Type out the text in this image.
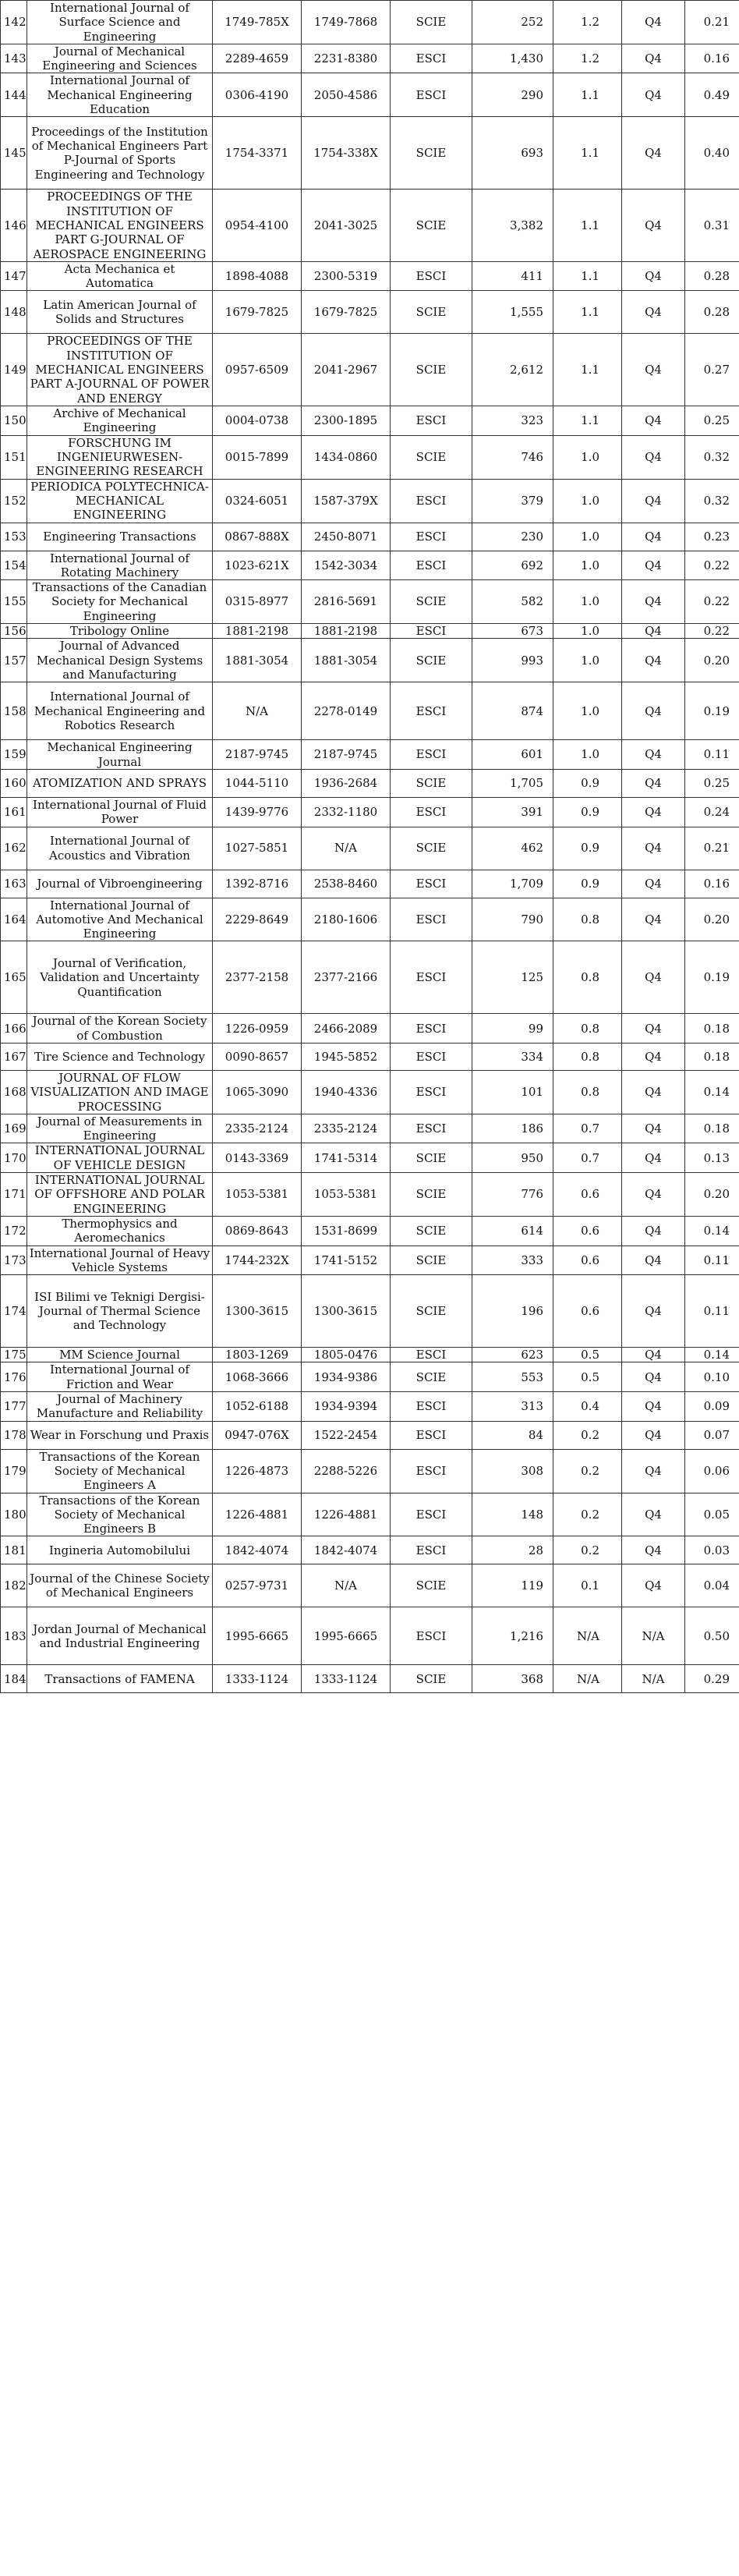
142	International Journal of Surface Science and Engineering	1749-785X	1749-7868	SCIE	252	1.2	Q4	0.21
143	Journal of Mechanical Engineering and Sciences	2289-4659	2231-8380	ESCI	1,430	1.2	Q4	0.16
144	International Journal of Mechanical Engineering Education	0306-4190	2050-4586	ESCI	290	1.1	Q4	0.49
145	Proceedings of the Institution of Mechanical Engineers Part P-Journal of Sports Engineering and Technology	1754-3371	1754-338X	SCIE	693	1.1	Q4	0.40
146	PROCEEDINGS OF THE INSTITUTION OF MECHANICAL ENGINEERS PART G-JOURNAL OF AEROSPACE ENGINEERING	0954-4100	2041-3025	SCIE	3,382	1.1	Q4	0.31
147	Acta Mechanica et Automatica	1898-4088	2300-5319	ESCI	411	1.1	Q4	0.28
148	Latin American Journal of Solids and Structures	1679-7825	1679-7825	SCIE	1,555	1.1	Q4	0.28
149	PROCEEDINGS OF THE INSTITUTION OF MECHANICAL ENGINEERS PART A-JOURNAL OF POWER AND ENERGY	0957-6509	2041-2967	SCIE	2,612	1.1	Q4	0.27
150	Archive of Mechanical Engineering	0004-0738	2300-1895	ESCI	323	1.1	Q4	0.25
151	FORSCHUNG IM INGENIEURWESEN-ENGINEERING RESEARCH	0015-7899	1434-0860	SCIE	746	1.0	Q4	0.32
152	PERIODICA POLYTECHNICA-MECHANICAL ENGINEERING	0324-6051	1587-379X	ESCI	379	1.0	Q4	0.32
153	Engineering Transactions	0867-888X	2450-8071	ESCI	230	1.0	Q4	0.23
154	International Journal of Rotating Machinery	1023-621X	1542-3034	ESCI	692	1.0	Q4	0.22
155	Transactions of the Canadian Society for Mechanical Engineering	0315-8977	2816-5691	SCIE	582	1.0	Q4	0.22
156	Tribology Online	1881-2198	1881-2198	ESCI	673	1.0	Q4	0.22
157	Journal of Advanced Mechanical Design Systems and Manufacturing	1881-3054	1881-3054	SCIE	993	1.0	Q4	0.20
158	International Journal of Mechanical Engineering and Robotics Research	N/A	2278-0149	ESCI	874	1.0	Q4	0.19
159	Mechanical Engineering Journal	2187-9745	2187-9745	ESCI	601	1.0	Q4	0.11
160	ATOMIZATION AND SPRAYS	1044-5110	1936-2684	SCIE	1,705	0.9	Q4	0.25
161	International Journal of Fluid Power	1439-9776	2332-1180	ESCI	391	0.9	Q4	0.24
162	International Journal of Acoustics and Vibration	1027-5851	N/A	SCIE	462	0.9	Q4	0.21
163	Journal of Vibroengineering	1392-8716	2538-8460	ESCI	1,709	0.9	Q4	0.16
164	International Journal of Automotive And Mechanical Engineering	2229-8649	2180-1606	ESCI	790	0.8	Q4	0.20
165	Journal of Verification, Validation and Uncertainty Quantification	2377-2158	2377-2166	ESCI	125	0.8	Q4	0.19
166	Journal of the Korean Society of Combustion	1226-0959	2466-2089	ESCI	99	0.8	Q4	0.18
167	Tire Science and Technology	0090-8657	1945-5852	ESCI	334	0.8	Q4	0.18
168	JOURNAL OF FLOW VISUALIZATION AND IMAGE PROCESSING	1065-3090	1940-4336	ESCI	101	0.8	Q4	0.14
169	Journal of Measurements in Engineering	2335-2124	2335-2124	ESCI	186	0.7	Q4	0.18
170	INTERNATIONAL JOURNAL OF VEHICLE DESIGN	0143-3369	1741-5314	SCIE	950	0.7	Q4	0.13
171	INTERNATIONAL JOURNAL OF OFFSHORE AND POLAR ENGINEERING	1053-5381	1053-5381	SCIE	776	0.6	Q4	0.20
172	Thermophysics and Aeromechanics	0869-8643	1531-8699	SCIE	614	0.6	Q4	0.14
173	International Journal of Heavy Vehicle Systems	1744-232X	1741-5152	SCIE	333	0.6	Q4	0.11
174	ISI Bilimi ve Teknigi Dergisi-Journal of Thermal Science and Technology	1300-3615	1300-3615	SCIE	196	0.6	Q4	0.11
175	MM Science Journal	1803-1269	1805-0476	ESCI	623	0.5	Q4	0.14
176	International Journal of Friction and Wear	1068-3666	1934-9386	SCIE	553	0.5	Q4	0.10
177	Journal of Machinery Manufacture and Reliability	1052-6188	1934-9394	ESCI	313	0.4	Q4	0.09
178	Wear in Forschung und Praxis	0947-076X	1522-2454	ESCI	84	0.2	Q4	0.07
179	Transactions of the Korean Society of Mechanical Engineers A	1226-4873	2288-5226	ESCI	308	0.2	Q4	0.06
180	Transactions of the Korean Society of Mechanical Engineers B	1226-4881	1226-4881	ESCI	148	0.2	Q4	0.05
181	Ingineria Automobilului	1842-4074	1842-4074	ESCI	28	0.2	Q4	0.03
182	Journal of the Chinese Society of Mechanical Engineers	0257-9731	N/A	SCIE	119	0.1	Q4	0.04
183	Jordan Journal of Mechanical and Industrial Engineering	1995-6665	1995-6665	ESCI	1,216	N/A	N/A	0.50
184	Transactions of FAMENA	1333-1124	1333-1124	SCIE	368	N/A	N/A	0.29
